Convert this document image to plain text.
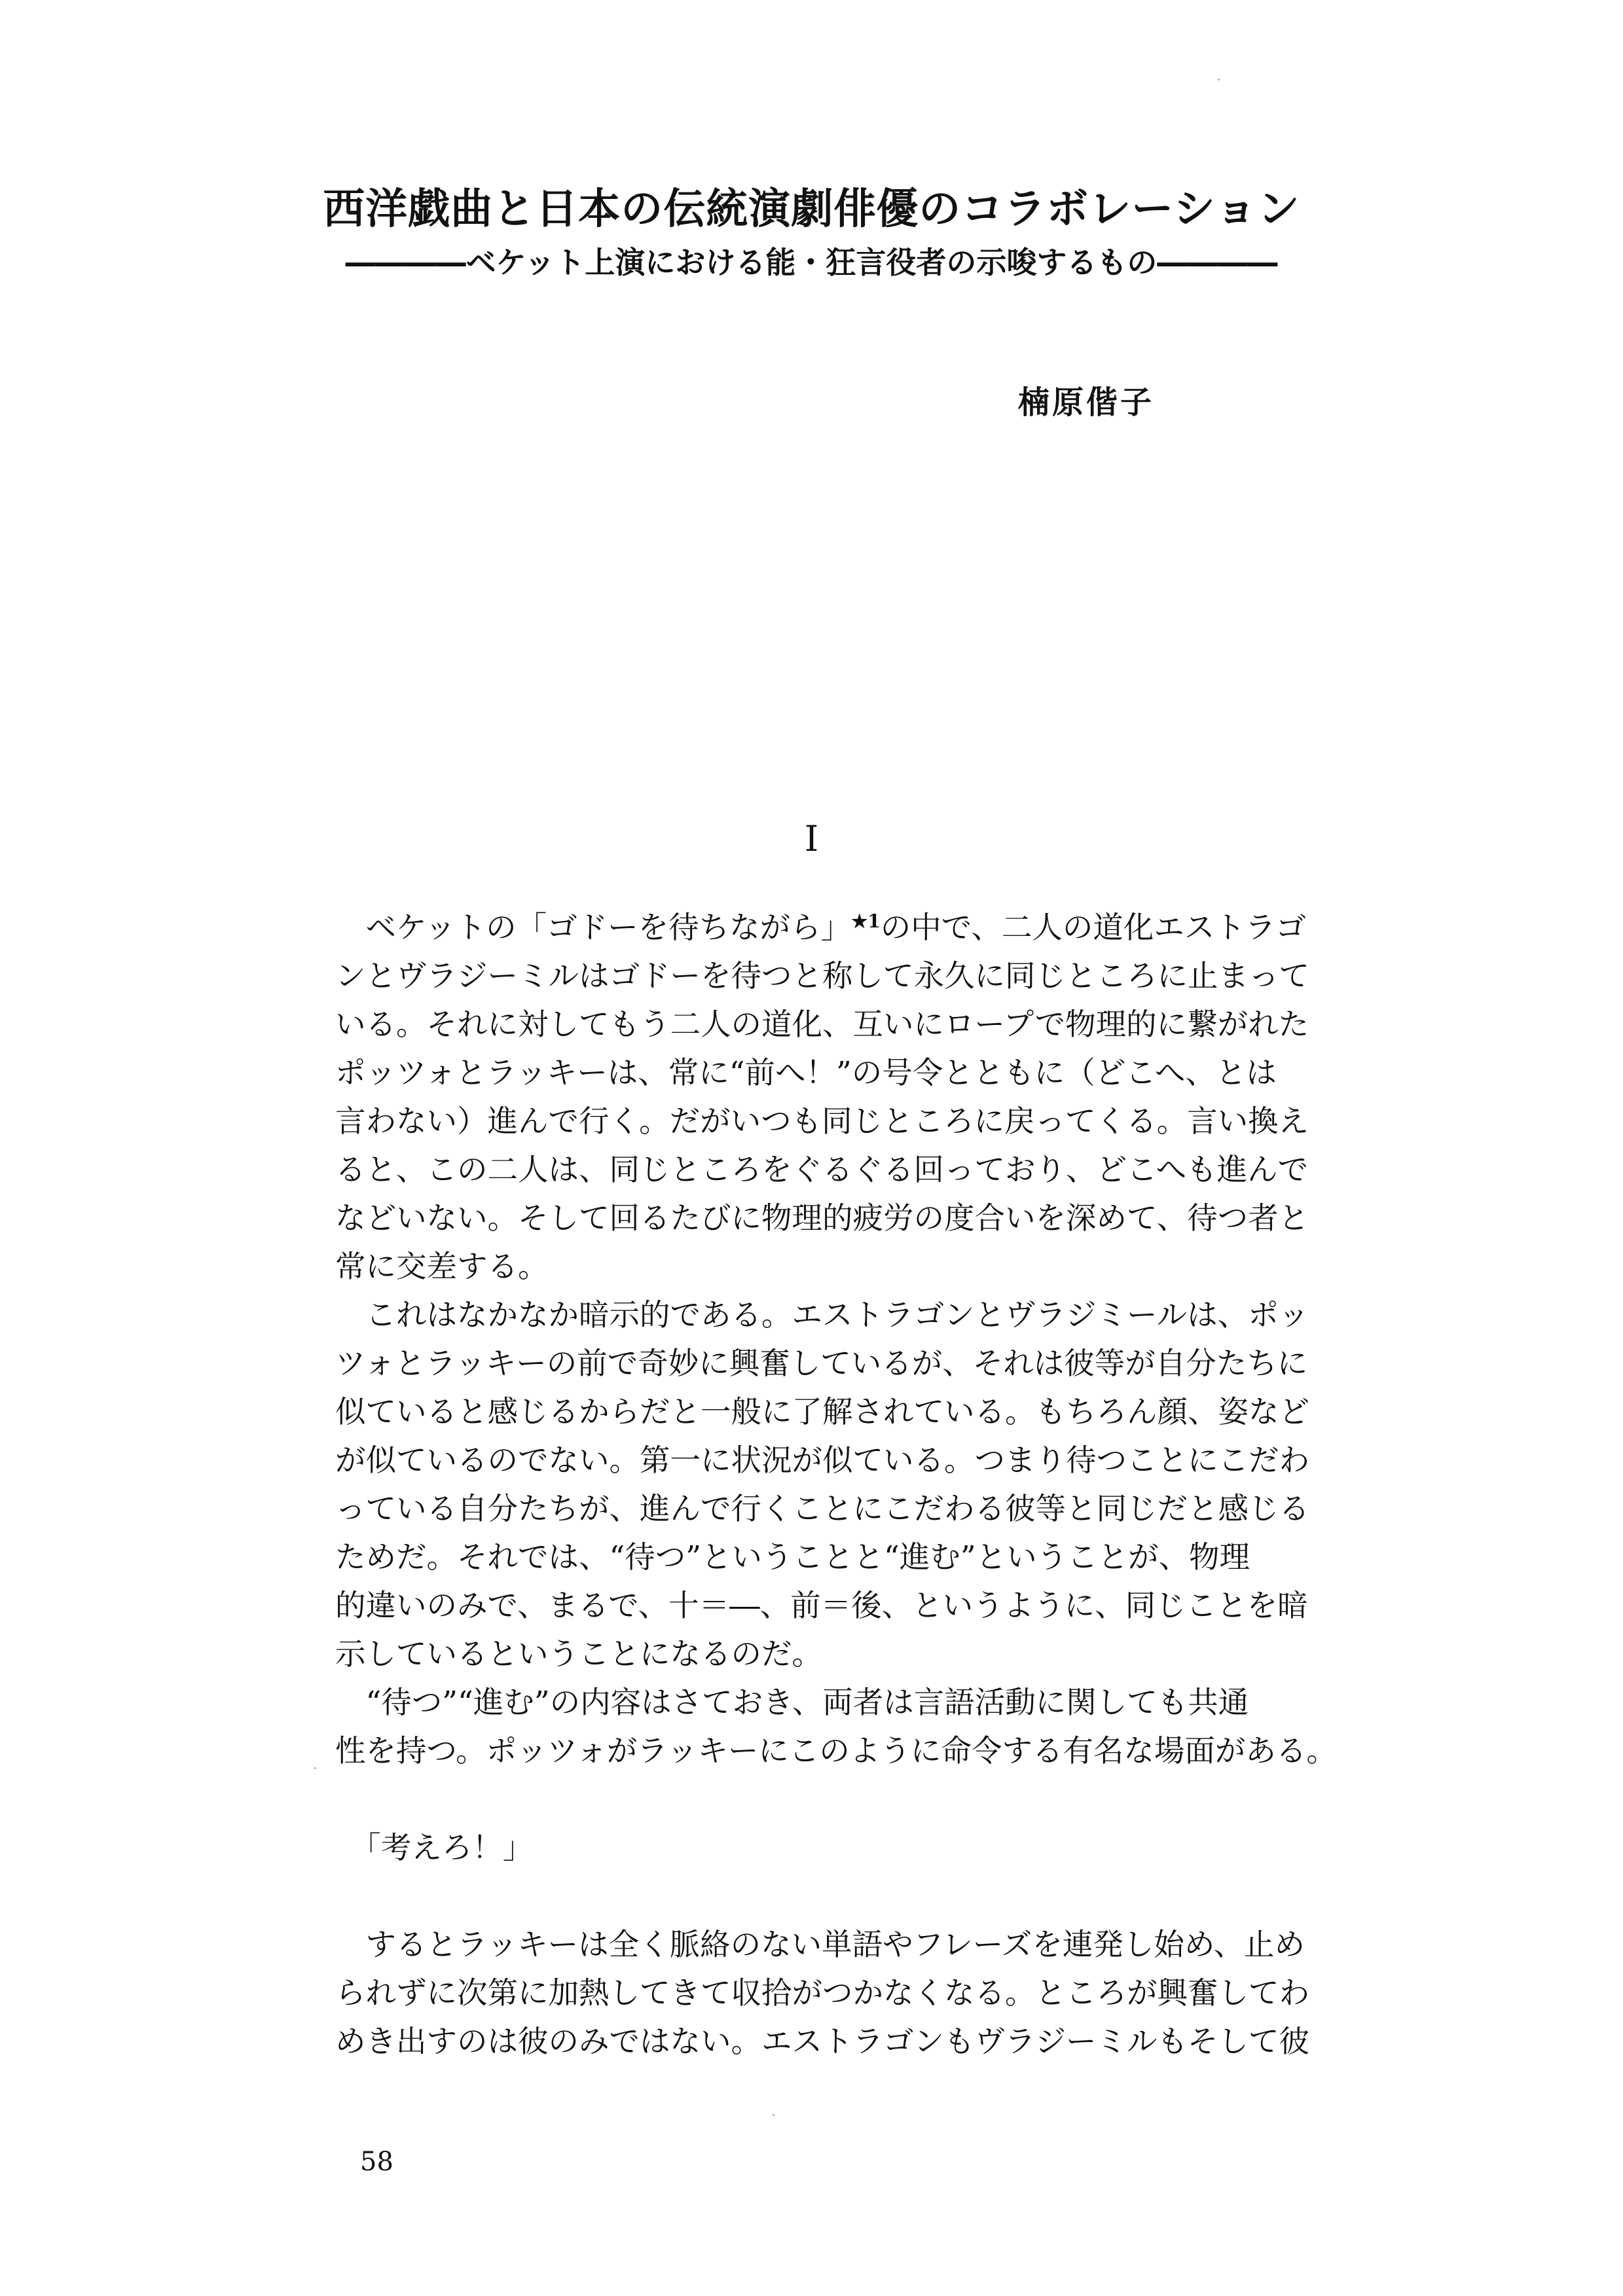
西洋戯曲と日本の伝統演劇俳優のコラボレーション
――――ベケット上演における能・狂言役者の示唆するもの――――
楠原偕子
I
　ベケットの「ゴドーを待ちながら」$^{★1}$の中で、二人の道化エストラゴ
ンとヴラジーミルはゴドーを待つと称して永久に同じところに止まって
いる。それに対してもう二人の道化、互いにロープで物理的に繋がれた
ポッツォとラッキーは、常に“前へ！”の号令とともに（どこへ、とは
言わない）進んで行く。だがいつも同じところに戻ってくる。言い換え
ると、この二人は、同じところをぐるぐる回っており、どこへも進んで
などいない。そして回るたびに物理的疲労の度合いを深めて、待つ者と
常に交差する。
　これはなかなか暗示的である。エストラゴンとヴラジミールは、ポッ
ツォとラッキーの前で奇妙に興奮しているが、それは彼等が自分たちに
似ていると感じるからだと一般に了解されている。もちろん顔、姿など
が似ているのでない。第一に状況が似ている。つまり待つことにこだわ
っている自分たちが、進んで行くことにこだわる彼等と同じだと感じる
ためだ。それでは、“待つ”ということと“進む”ということが、物理
的違いのみで、まるで、十＝―、前＝後、というように、同じことを暗
示しているということになるのだ。
　“待つ”“進む”の内容はさておき、両者は言語活動に関しても共通
性を持つ。ポッツォがラッキーにこのように命令する有名な場面がある。
　「考えろ！」
　するとラッキーは全く脈絡のない単語やフレーズを連発し始め、止め
られずに次第に加熱してきて収拾がつかなくなる。ところが興奮してわ
めき出すのは彼のみではない。エストラゴンもヴラジーミルもそして彼
58
